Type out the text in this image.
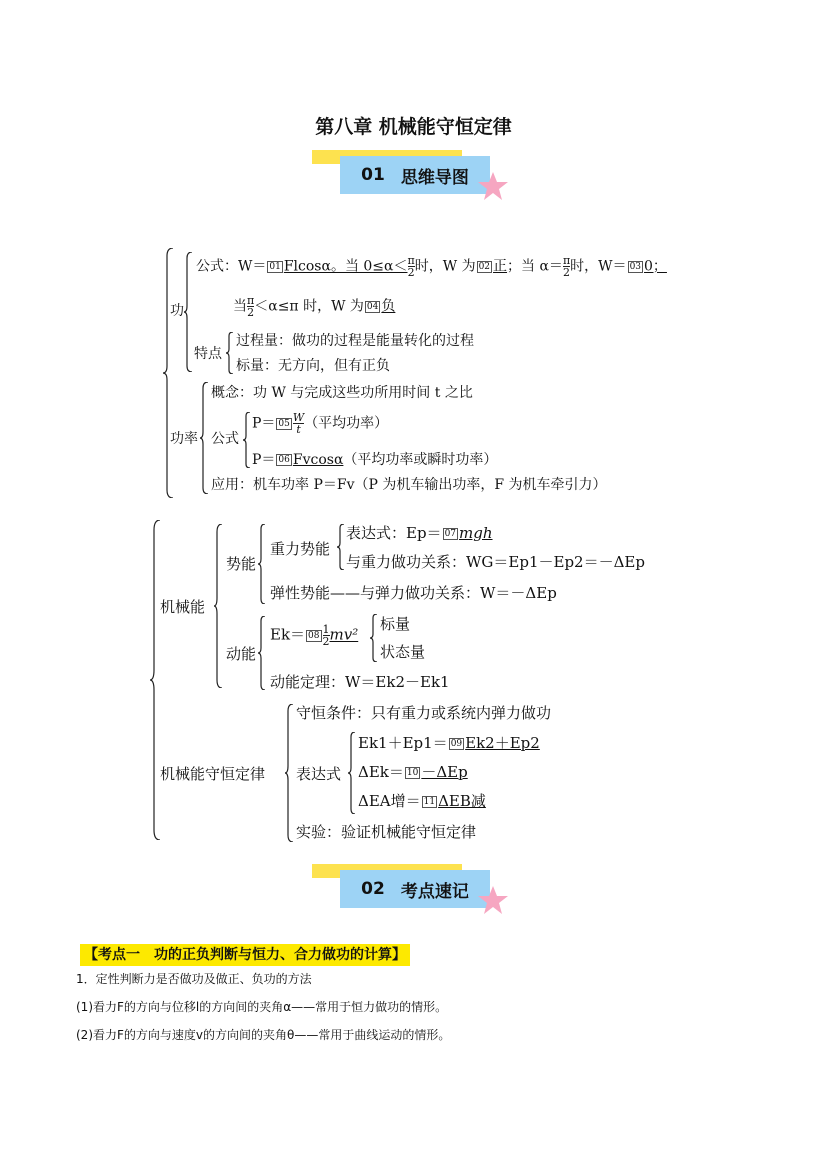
第八章 机械能守恒定律
01 思维导图
功
公式：W＝ 01 Flcosα。当 $0\le\alpha< \frac{\pi}{2}$ 时，W 为 02 正；当 $\alpha= \frac{\pi}{2}$ 时，W＝ 03 0；
当 $\frac{\pi}{2} <\alpha\le\pi$ 时，W 为 04 负
特点
过程量：做功的过程是能量转化的过程
标量：无方向，但有正负
功率
概念：功 W 与完成这些功所用时间 t 之比
公式
$P= 05 \frac{W}{t}$ （平均功率）
P＝ 06 Fvcosα（平均功率或瞬时功率）
应用：机车功率 P＝Fv（P 为机车输出功率，F 为机车牵引力）
机械能
势能
重力势能
表达式：Ep＝ 07 mgh
与重力做功关系：WG＝Ep1－Ep2＝－ΔEp
弹性势能——与弹力做功关系：W＝－ΔEp
动能
$Ek= 08 \frac{1}{2} mv^2$
标量
状态量
动能定理：W＝Ek2－Ek1
机械能守恒定律
守恒条件：只有重力或系统内弹力做功
表达式
Ek1＋Ep1＝ 09 Ek2＋Ep2
ΔEk＝ 10 －ΔEp
ΔEA增＝ 11 ΔEB减
实验：验证机械能守恒定律
02 考点速记
【考点一　功的正负判断与恒力、合力做功的计算】
1．定性判断力是否做功及做正、负功的方法
(1)看力F的方向与位移l的方向间的夹角α——常用于恒力做功的情形。
(2)看力F的方向与速度v的方向间的夹角θ——常用于曲线运动的情形。
